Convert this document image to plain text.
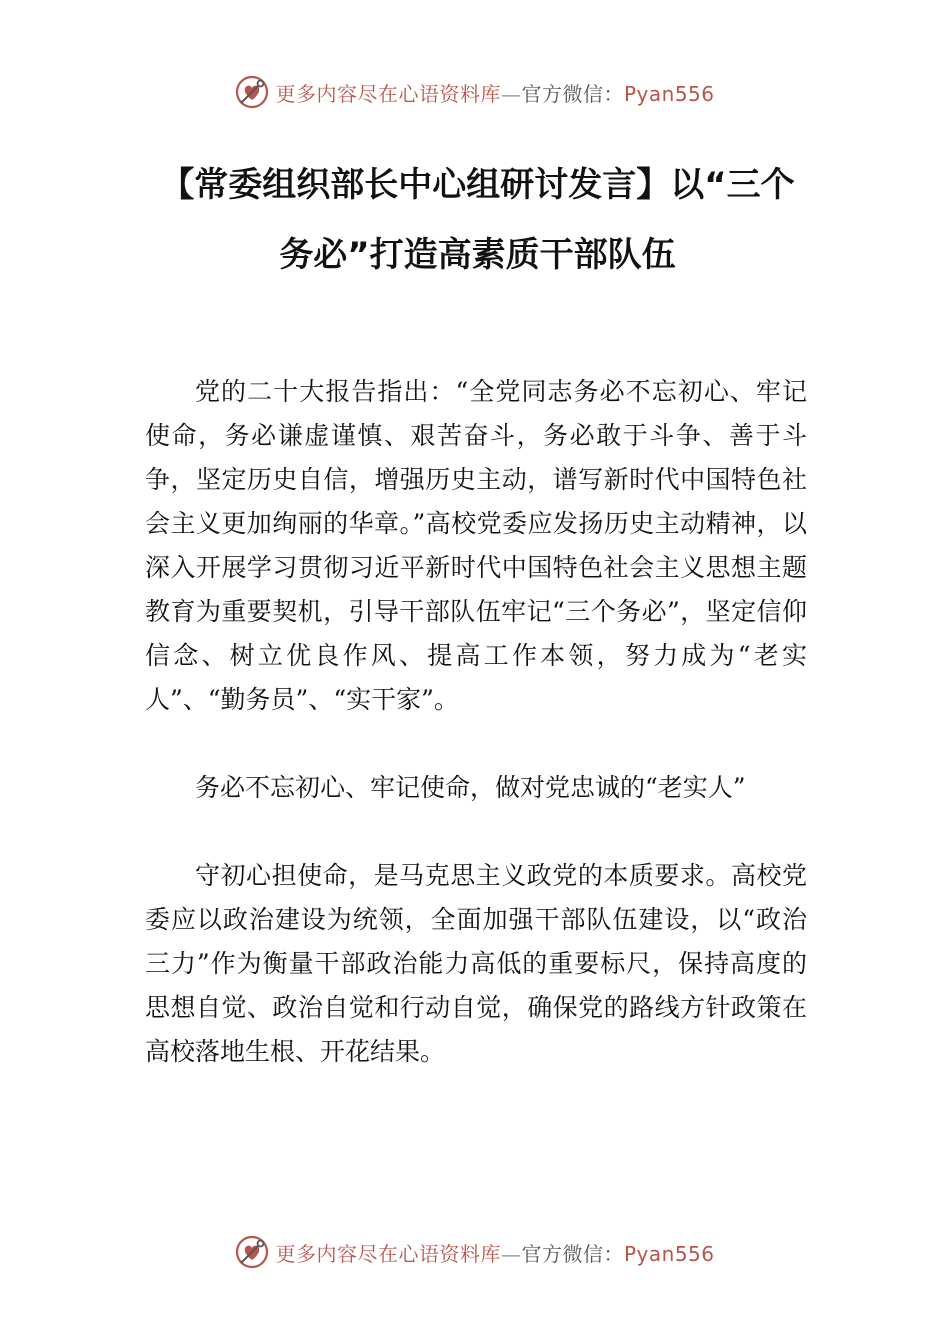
更多内容尽在心语资料库—官方微信：Pyan556
【常委组织部长中心组研讨发言】以“三个务必”打造高素质干部队伍

党的二十大报告指出：“全党同志务必不忘初心、牢记使命，务必谦虚谨慎、艰苦奋斗，务必敢于斗争、善于斗争，坚定历史自信，增强历史主动，谱写新时代中国特色社会主义更加绚丽的华章。”高校党委应发扬历史主动精神，以深入开展学习贯彻习近平新时代中国特色社会主义思想主题教育为重要契机，引导干部队伍牢记“三个务必”，坚定信仰信念、树立优良作风、提高工作本领，努力成为“老实人”、“勤务员”、“实干家”。

务必不忘初心、牢记使命，做对党忠诚的“老实人”

守初心担使命，是马克思主义政党的本质要求。高校党委应以政治建设为统领，全面加强干部队伍建设，以“政治三力”作为衡量干部政治能力高低的重要标尺，保持高度的思想自觉、政治自觉和行动自觉，确保党的路线方针政策在高校落地生根、开花结果。

更多内容尽在心语资料库—官方微信：Pyan556
